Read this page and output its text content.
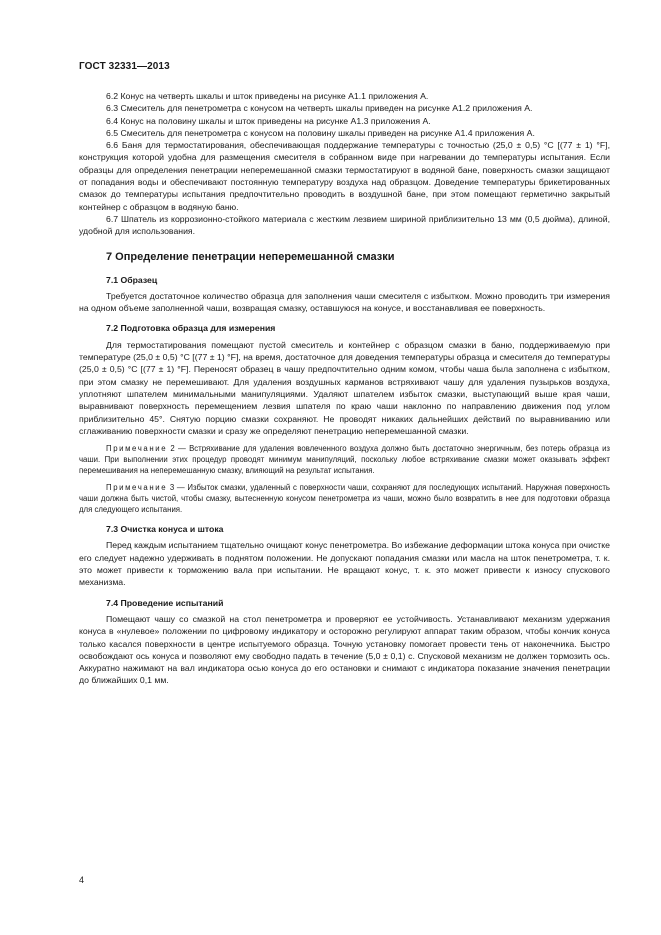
ГОСТ 32331—2013

6.2 Конус на четверть шкалы и шток приведены на рисунке А1.1 приложения А.

6.3 Смеситель для пенетрометра с конусом на четверть шкалы приведен на рисунке А1.2 приложения А.

6.4 Конус на половину шкалы и шток приведены на рисунке А1.3 приложения А.

6.5 Смеситель для пенетрометра с конусом на половину шкалы приведен на рисунке А1.4 приложения А.

6.6 Баня для термостатирования, обеспечивающая поддержание температуры с точностью (25,0 ± 0,5) °С [(77 ± 1) °F], конструкция которой удобна для размещения смесителя в собранном виде при нагревании до температуры испытания. Если образцы для определения пенетрации неперемешанной смазки термостатируют в водяной бане, поверхность смазки защищают от попадания воды и обеспечивают постоянную температуру воздуха над образцом. Доведение температуры брикетированных смазок до температуры испытания предпочтительно проводить в воздушной бане, при этом помещают герметично закрытый контейнер с образцом в водяную баню.

6.7 Шпатель из коррозионно-стойкого материала с жестким лезвием шириной приблизительно 13 мм (0,5 дюйма), длиной, удобной для использования.

7 Определение пенетрации неперемешанной смазки
7.1 Образец

Требуется достаточное количество образца для заполнения чаши смесителя с избытком. Можно проводить три измерения на одном объеме заполненной чаши, возвращая смазку, оставшуюся на конусе, и восстанавливая ее поверхность.

7.2 Подготовка образца для измерения

Для термостатирования помещают пустой смеситель и контейнер с образцом смазки в баню, поддерживаемую при температуре (25,0 ± 0,5) °С [(77 ± 1) °F], на время, достаточное для доведения температуры образца и смесителя до температуры (25,0 ± 0,5) °С [(77 ± 1) °F]. Переносят образец в чашу предпочтительно одним комом, чтобы чаша была заполнена с избытком, при этом смазку не перемешивают. Для удаления воздушных карманов встряхивают чашу для удаления пузырьков воздуха, уплотняют шпателем минимальными манипуляциями. Удаляют шпателем избыток смазки, выступающий выше края чаши, выравнивают поверхность перемещением лезвия шпателя по краю чаши наклонно по направлению движения под углом приблизительно 45°. Снятую порцию смазки сохраняют. Не проводят никаких дальнейших действий по выравниванию или сглаживанию поверхности смазки и сразу же определяют пенетрацию неперемешанной смазки.

Примечание 2 — Встряхивание для удаления вовлеченного воздуха должно быть достаточно энергичным, без потерь образца из чаши. При выполнении этих процедур проводят минимум манипуляций, поскольку любое встряхивание смазки может оказывать эффект перемешивания на неперемешанную смазку, влияющий на результат испытания.

Примечание 3 — Избыток смазки, удаленный с поверхности чаши, сохраняют для последующих испытаний. Наружная поверхность чаши должна быть чистой, чтобы смазку, вытесненную конусом пенетрометра из чаши, можно было возвратить в нее для подготовки образца для следующего испытания.

7.3 Очистка конуса и штока

Перед каждым испытанием тщательно очищают конус пенетрометра. Во избежание деформации штока конуса при очистке его следует надежно удерживать в поднятом положении. Не допускают попадания смазки или масла на шток пенетрометра, т. к. это может привести к торможению вала при испытании. Не вращают конус, т. к. это может привести к износу спускового механизма.

7.4 Проведение испытаний

Помещают чашу со смазкой на стол пенетрометра и проверяют ее устойчивость. Устанавливают механизм удержания конуса в «нулевое» положении по цифровому индикатору и осторожно регулируют аппарат таким образом, чтобы кончик конуса только касался поверхности в центре испытуемого образца. Точную установку помогает провести тень от наконечника. Быстро освобождают ось конуса и позволяют ему свободно падать в течение (5,0 ± 0,1) с. Спусковой механизм не должен тормозить ось. Аккуратно нажимают на вал индикатора осью конуса до его остановки и снимают с индикатора показание значения пенетрации до ближайших 0,1 мм.

4
